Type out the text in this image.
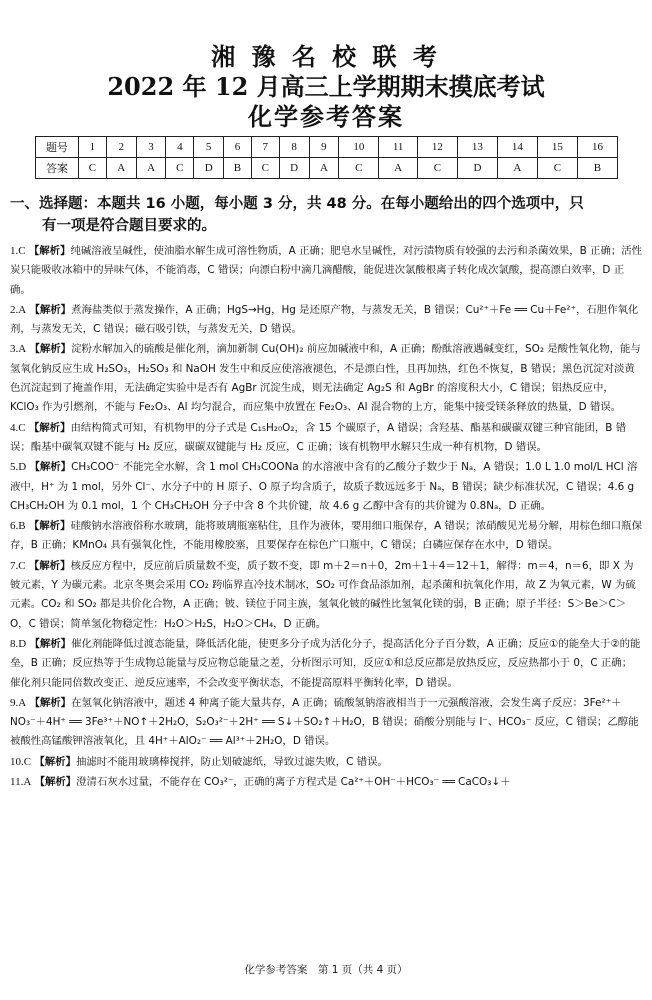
湘 豫 名 校 联 考
2022 年 12 月高三上学期期末摸底考试
化学参考答案
题号	1	2	3	4	5	6	7	8	9	10	11	12	13	14	15	16
答案	C	A	A	C	D	B	C	D	A	C	A	C	D	A	C	B
一、选择题：本题共 16 小题，每小题 3 分，共 48 分。在每小题给出的四个选项中，只
有一项是符合题目要求的。
1.C 【解析】纯碱溶液呈碱性，使油脂水解生成可溶性物质，A 正确；肥皂水呈碱性，对污渍物质有较强的去污和杀菌效果，B 正确；活性炭只能吸收冰箱中的异味气体，不能消毒，C 错误；向漂白粉中滴几滴醋酸，能促进次氯酸根离子转化成次氯酸，提高漂白效率，D 正确。
2.A 【解析】煮海盐类似于蒸发操作，A 正确；HgS→Hg，Hg 是还原产物，与蒸发无关，B 错误；Cu²⁺＋Fe ══ Cu＋Fe²⁺，石胆作氧化剂，与蒸发无关，C 错误；磁石吸引铁，与蒸发无关，D 错误。
3.A 【解析】淀粉水解加入的硫酸是催化剂，滴加新制 Cu(OH)₂ 前应加碱液中和，A 正确；酚酞溶液遇碱变红，SO₂ 是酸性氧化物，能与氢氧化钠反应生成 H₂SO₃，H₂SO₃ 和 NaOH 发生中和反应使溶液褪色，不是漂白性，且再加热，红色不恢复，B 错误；黑色沉淀对淡黄色沉淀起到了掩盖作用，无法确定实验中是否有 AgBr 沉淀生成，则无法确定 Ag₂S 和 AgBr 的溶度积大小，C 错误；铝热反应中，KClO₃ 作为引燃剂，不能与 Fe₂O₃、Al 均匀混合，而应集中放置在 Fe₂O₃、Al 混合物的上方，能集中接受镁条释放的热量，D 错误。
4.C 【解析】由结构简式可知，有机物甲的分子式是 C₁₅H₂₀O₂，含 15 个碳原子，A 错误；含羟基、酯基和碳碳双键三种官能团，B 错误；酯基中碳氧双键不能与 H₂ 反应，碳碳双键能与 H₂ 反应，C 正确；该有机物甲水解只生成一种有机物，D 错误。
5.D 【解析】CH₃COO⁻ 不能完全水解，含 1 mol CH₃COONa 的水溶液中含有的乙酸分子数少于 Nₐ，A 错误；1.0 L 1.0 mol/L HCl 溶液中，H⁺ 为 1 mol，另外 Cl⁻、水分子中的 H 原子、O 原子均含质子，故质子数远远多于 Nₐ，B 错误；缺少标准状况，C 错误；4.6 g CH₃CH₂OH 为 0.1 mol，1 个 CH₃CH₂OH 分子中含 8 个共价键，故 4.6 g 乙醇中含有的共价键为 0.8Nₐ，D 正确。
6.B 【解析】硅酸钠水溶液俗称水玻璃，能将玻璃瓶塞粘住，且作为液体，要用细口瓶保存，A 错误；浓硝酸见光易分解，用棕色细口瓶保存，B 正确；KMnO₄ 具有强氧化性，不能用橡胶塞，且要保存在棕色广口瓶中，C 错误；白磷应保存在水中，D 错误。
7.C 【解析】核反应方程中，反应前后质量数不变，质子数不变，即 m＋2＝n＋0，2m＋1＋4＝12＋1，解得：m＝4，n＝6，即 X 为铍元素，Y 为碳元素。北京冬奥会采用 CO₂ 跨临界直冷技术制冰，SO₂ 可作食品添加剂，起杀菌和抗氧化作用，故 Z 为氧元素，W 为硫元素。CO₂ 和 SO₂ 都是共价化合物，A 正确；铍、镁位于同主族，氢氧化铍的碱性比氢氧化镁的弱，B 正确；原子半径：S＞Be＞C＞O，C 错误；简单氢化物稳定性：H₂O＞H₂S，H₂O＞CH₄，D 正确。
8.D 【解析】催化剂能降低过渡态能量，降低活化能，使更多分子成为活化分子，提高活化分子百分数，A 正确；反应①的能垒大于②的能垒，B 正确；反应热等于生成物总能量与反应物总能量之差，分析图示可知，反应①和总反应都是放热反应，反应热都小于 0，C 正确；催化剂只能同倍数改变正、逆反应速率，不会改变平衡状态，不能提高原料平衡转化率，D 错误。
9.A 【解析】在氢氧化钠溶液中，题述 4 种离子能大量共存，A 正确；硫酸氢钠溶液相当于一元强酸溶液，会发生离子反应：3Fe²⁺＋NO₃⁻＋4H⁺ ══ 3Fe³⁺＋NO↑＋2H₂O，S₂O₃²⁻＋2H⁺ ══ S↓＋SO₂↑＋H₂O，B 错误；硝酸分别能与 I⁻、HCO₃⁻ 反应，C 错误；乙醇能被酸性高锰酸钾溶液氧化，且 4H⁺＋AlO₂⁻ ══ Al³⁺＋2H₂O，D 错误。
10.C 【解析】抽滤时不能用玻璃棒搅拌，防止划破滤纸，导致过滤失败，C 错误。
11.A 【解析】澄清石灰水过量，不能存在 CO₃²⁻，正确的离子方程式是 Ca²⁺＋OH⁻＋HCO₃⁻ ══ CaCO₃↓＋
化学参考答案　第 1 页（共 4 页）
